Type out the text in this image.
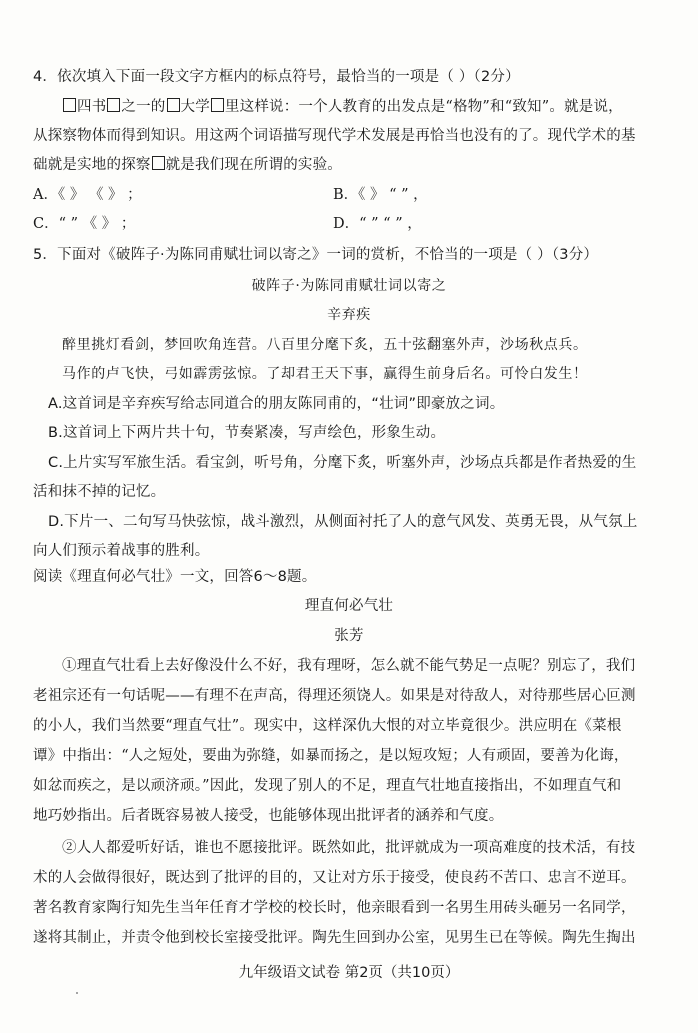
4．依次填入下面一段文字方框内的标点符号，最恰当的一项是（ ）（2分）
四书 之一的 大学 里这样说：一个人教育的出发点是“格物”和“致知”。就是说，
从探察物体而得到知识。用这两个词语描写现代学术发展是再恰当也没有的了。现代学术的基
础就是实地的探察 就是我们现在所谓的实验。
A．《 》 《 》 ；	B．《 》 “ ” ，
C．“ ” 《 》 ；	D．“ ” “ ” ，
5．下面对《破阵子·为陈同甫赋壮词以寄之》一词的赏析，不恰当的一项是（ ）（3分）
破阵子·为陈同甫赋壮词以寄之
辛弃疾
醉里挑灯看剑，梦回吹角连营。八百里分麾下炙，五十弦翻塞外声，沙场秋点兵。
马作的卢飞快，弓如霹雳弦惊。了却君王天下事，赢得生前身后名。可怜白发生！
A.这首词是辛弃疾写给志同道合的朋友陈同甫的，“壮词”即豪放之词。
B.这首词上下两片共十句，节奏紧凑，写声绘色，形象生动。
C.上片实写军旅生活。看宝剑，听号角，分麾下炙，听塞外声，沙场点兵都是作者热爱的生
活和抹不掉的记忆。
D.下片一、二句写马快弦惊，战斗激烈，从侧面衬托了人的意气风发、英勇无畏，从气氛上
向人们预示着战事的胜利。
阅读《理直何必气壮》一文，回答6～8题。
理直何必气壮
张芳
①理直气壮看上去好像没什么不好，我有理呀，怎么就不能气势足一点呢？别忘了，我们
老祖宗还有一句话呢——有理不在声高，得理还须饶人。如果是对待敌人，对待那些居心叵测
的小人，我们当然要“理直气壮”。现实中，这样深仇大恨的对立毕竟很少。洪应明在《菜根
谭》中指出：“人之短处，要曲为弥缝，如暴而扬之，是以短攻短；人有顽固，要善为化诲，
如忿而疾之，是以顽济顽。”因此，发现了别人的不足，理直气壮地直接指出，不如理直气和
地巧妙指出。后者既容易被人接受，也能够体现出批评者的涵养和气度。
②人人都爱听好话，谁也不愿接批评。既然如此，批评就成为一项高难度的技术活，有技
术的人会做得很好，既达到了批评的目的，又让对方乐于接受，使良药不苦口、忠言不逆耳。
著名教育家陶行知先生当年任育才学校的校长时，他亲眼看到一名男生用砖头砸另一名同学，
遂将其制止，并责令他到校长室接受批评。陶先生回到办公室，见男生已在等候。陶先生掏出
九年级语文试卷 第2页（共10页）
